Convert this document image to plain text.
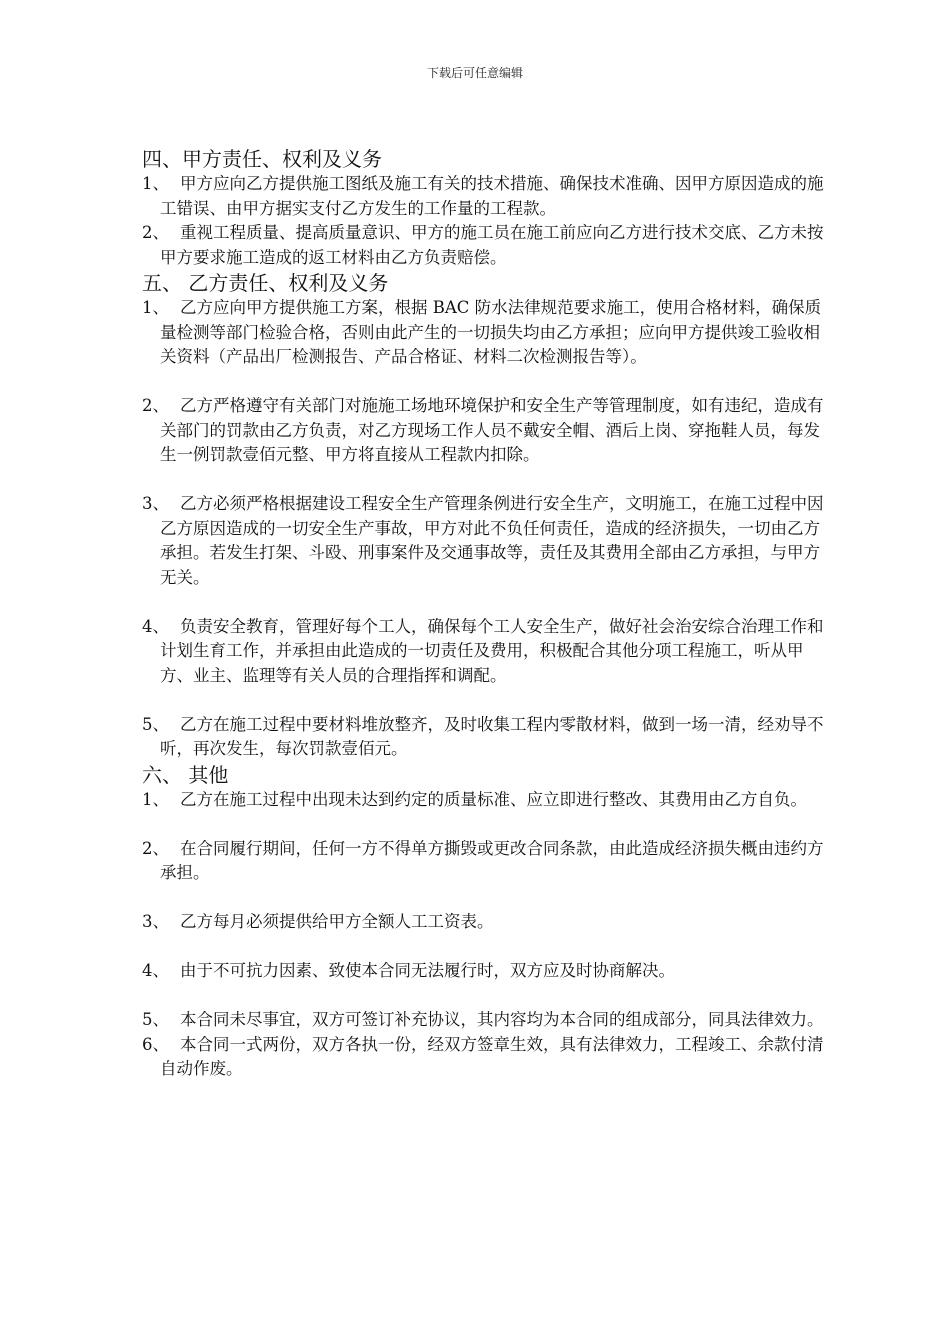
下载后可任意编辑
四、甲方责任、权利及义务

1、 甲方应向乙方提供施工图纸及施工有关的技术措施、确保技术准确、因甲方原因造成的施工错误、由甲方据实支付乙方发生的工作量的工程款。

2、 重视工程质量、提高质量意识、甲方的施工员在施工前应向乙方进行技术交底、乙方未按甲方要求施工造成的返工材料由乙方负责赔偿。

五、 乙方责任、权利及义务

1、 乙方应向甲方提供施工方案，根据 BAC 防水法律规范要求施工，使用合格材料，确保质量检测等部门检验合格，否则由此产生的一切损失均由乙方承担；应向甲方提供竣工验收相关资料（产品出厂检测报告、产品合格证、材料二次检测报告等）。

2、 乙方严格遵守有关部门对施施工场地环境保护和安全生产等管理制度，如有违纪，造成有关部门的罚款由乙方负责，对乙方现场工作人员不戴安全帽、酒后上岗、穿拖鞋人员，每发生一例罚款壹佰元整、甲方将直接从工程款内扣除。

3、 乙方必须严格根据建设工程安全生产管理条例进行安全生产，文明施工，在施工过程中因乙方原因造成的一切安全生产事故，甲方对此不负任何责任，造成的经济损失，一切由乙方承担。若发生打架、斗殴、刑事案件及交通事故等，责任及其费用全部由乙方承担，与甲方无关。

4、 负责安全教育，管理好每个工人，确保每个工人安全生产，做好社会治安综合治理工作和计划生育工作，并承担由此造成的一切责任及费用，积极配合其他分项工程施工，听从甲方、业主、监理等有关人员的合理指挥和调配。

5、 乙方在施工过程中要材料堆放整齐，及时收集工程内零散材料，做到一场一清，经劝导不听，再次发生，每次罚款壹佰元。

六、 其他

1、 乙方在施工过程中出现未达到约定的质量标准、应立即进行整改、其费用由乙方自负。

2、 在合同履行期间，任何一方不得单方撕毁或更改合同条款，由此造成经济损失概由违约方承担。

3、 乙方每月必须提供给甲方全额人工工资表。

4、 由于不可抗力因素、致使本合同无法履行时，双方应及时协商解决。

5、 本合同未尽事宜，双方可签订补充协议，其内容均为本合同的组成部分，同具法律效力。

6、 本合同一式两份，双方各执一份，经双方签章生效，具有法律效力，工程竣工、余款付清自动作废。
